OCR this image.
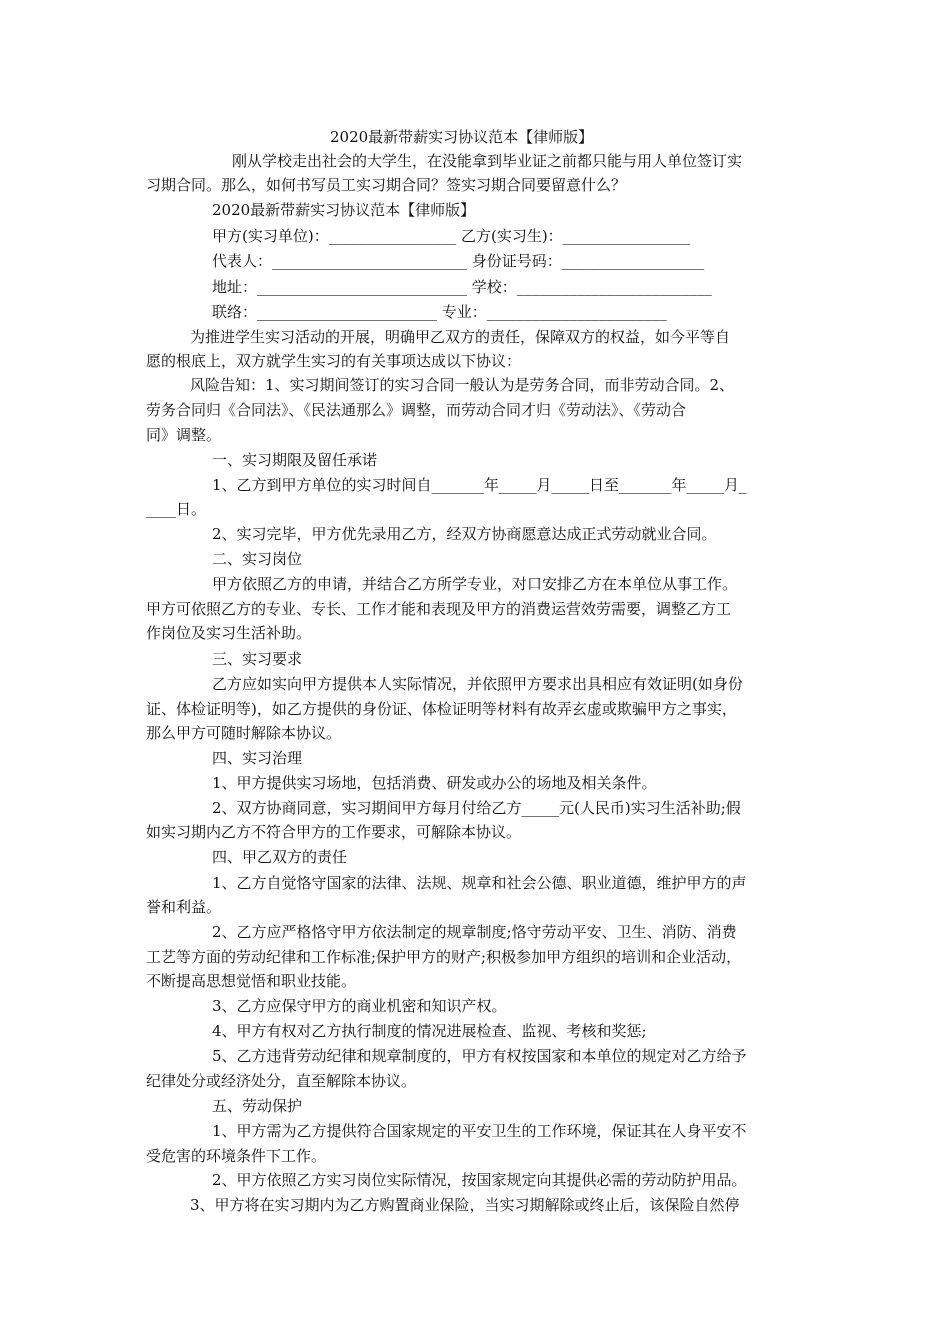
2020最新带薪实习协议范本【律师版】
刚从学校走出社会的大学生，在没能拿到毕业证之前都只能与用人单位签订实
习期合同。那么，如何书写员工实习期合同？签实习期合同要留意什么？
2020最新带薪实习协议范本【律师版】
甲方(实习单位)：_________________ 乙方(实习生)：_________________
代表人：__________________________ 身份证号码：___________________
地址：____________________________ 学校：__________________________
联络：________________________ 专业：________________________
为推进学生实习活动的开展，明确甲乙双方的责任，保障双方的权益，如今平等自
愿的根底上，双方就学生实习的有关事项达成以下协议：
风险告知：1、实习期间签订的实习合同一般认为是劳务合同，而非劳动合同。2、
劳务合同归《合同法》、《民法通那么》调整，而劳动合同才归《劳动法》、《劳动合
同》调整。
一、实习期限及留任承诺
1、乙方到甲方单位的实习时间自_______年_____月_____日至_______年_____月_
____日。
2、实习完毕，甲方优先录用乙方，经双方协商愿意达成正式劳动就业合同。
二、实习岗位
甲方依照乙方的申请，并结合乙方所学专业，对口安排乙方在本单位从事工作。
甲方可依照乙方的专业、专长、工作才能和表现及甲方的消费运营效劳需要，调整乙方工
作岗位及实习生活补助。
三、实习要求
乙方应如实向甲方提供本人实际情况，并依照甲方要求出具相应有效证明(如身份
证、体检证明等)，如乙方提供的身份证、体检证明等材料有故弄玄虚或欺骗甲方之事实，
那么甲方可随时解除本协议。
四、实习治理
1、甲方提供实习场地，包括消费、研发或办公的场地及相关条件。
2、双方协商同意，实习期间甲方每月付给乙方_____元(人民币)实习生活补助;假
如实习期内乙方不符合甲方的工作要求，可解除本协议。
四、甲乙双方的责任
1、乙方自觉恪守国家的法律、法规、规章和社会公德、职业道德，维护甲方的声
誉和利益。
2、乙方应严格恪守甲方依法制定的规章制度;恪守劳动平安、卫生、消防、消费
工艺等方面的劳动纪律和工作标准;保护甲方的财产;积极参加甲方组织的培训和企业活动，
不断提高思想觉悟和职业技能。
3、乙方应保守甲方的商业机密和知识产权。
4、甲方有权对乙方执行制度的情况进展检查、监视、考核和奖惩;
5、乙方违背劳动纪律和规章制度的，甲方有权按国家和本单位的规定对乙方给予
纪律处分或经济处分，直至解除本协议。
五、劳动保护
1、甲方需为乙方提供符合国家规定的平安卫生的工作环境，保证其在人身平安不
受危害的环境条件下工作。
2、甲方依照乙方实习岗位实际情况，按国家规定向其提供必需的劳动防护用品。
3、甲方将在实习期内为乙方购置商业保险，当实习期解除或终止后，该保险自然停
